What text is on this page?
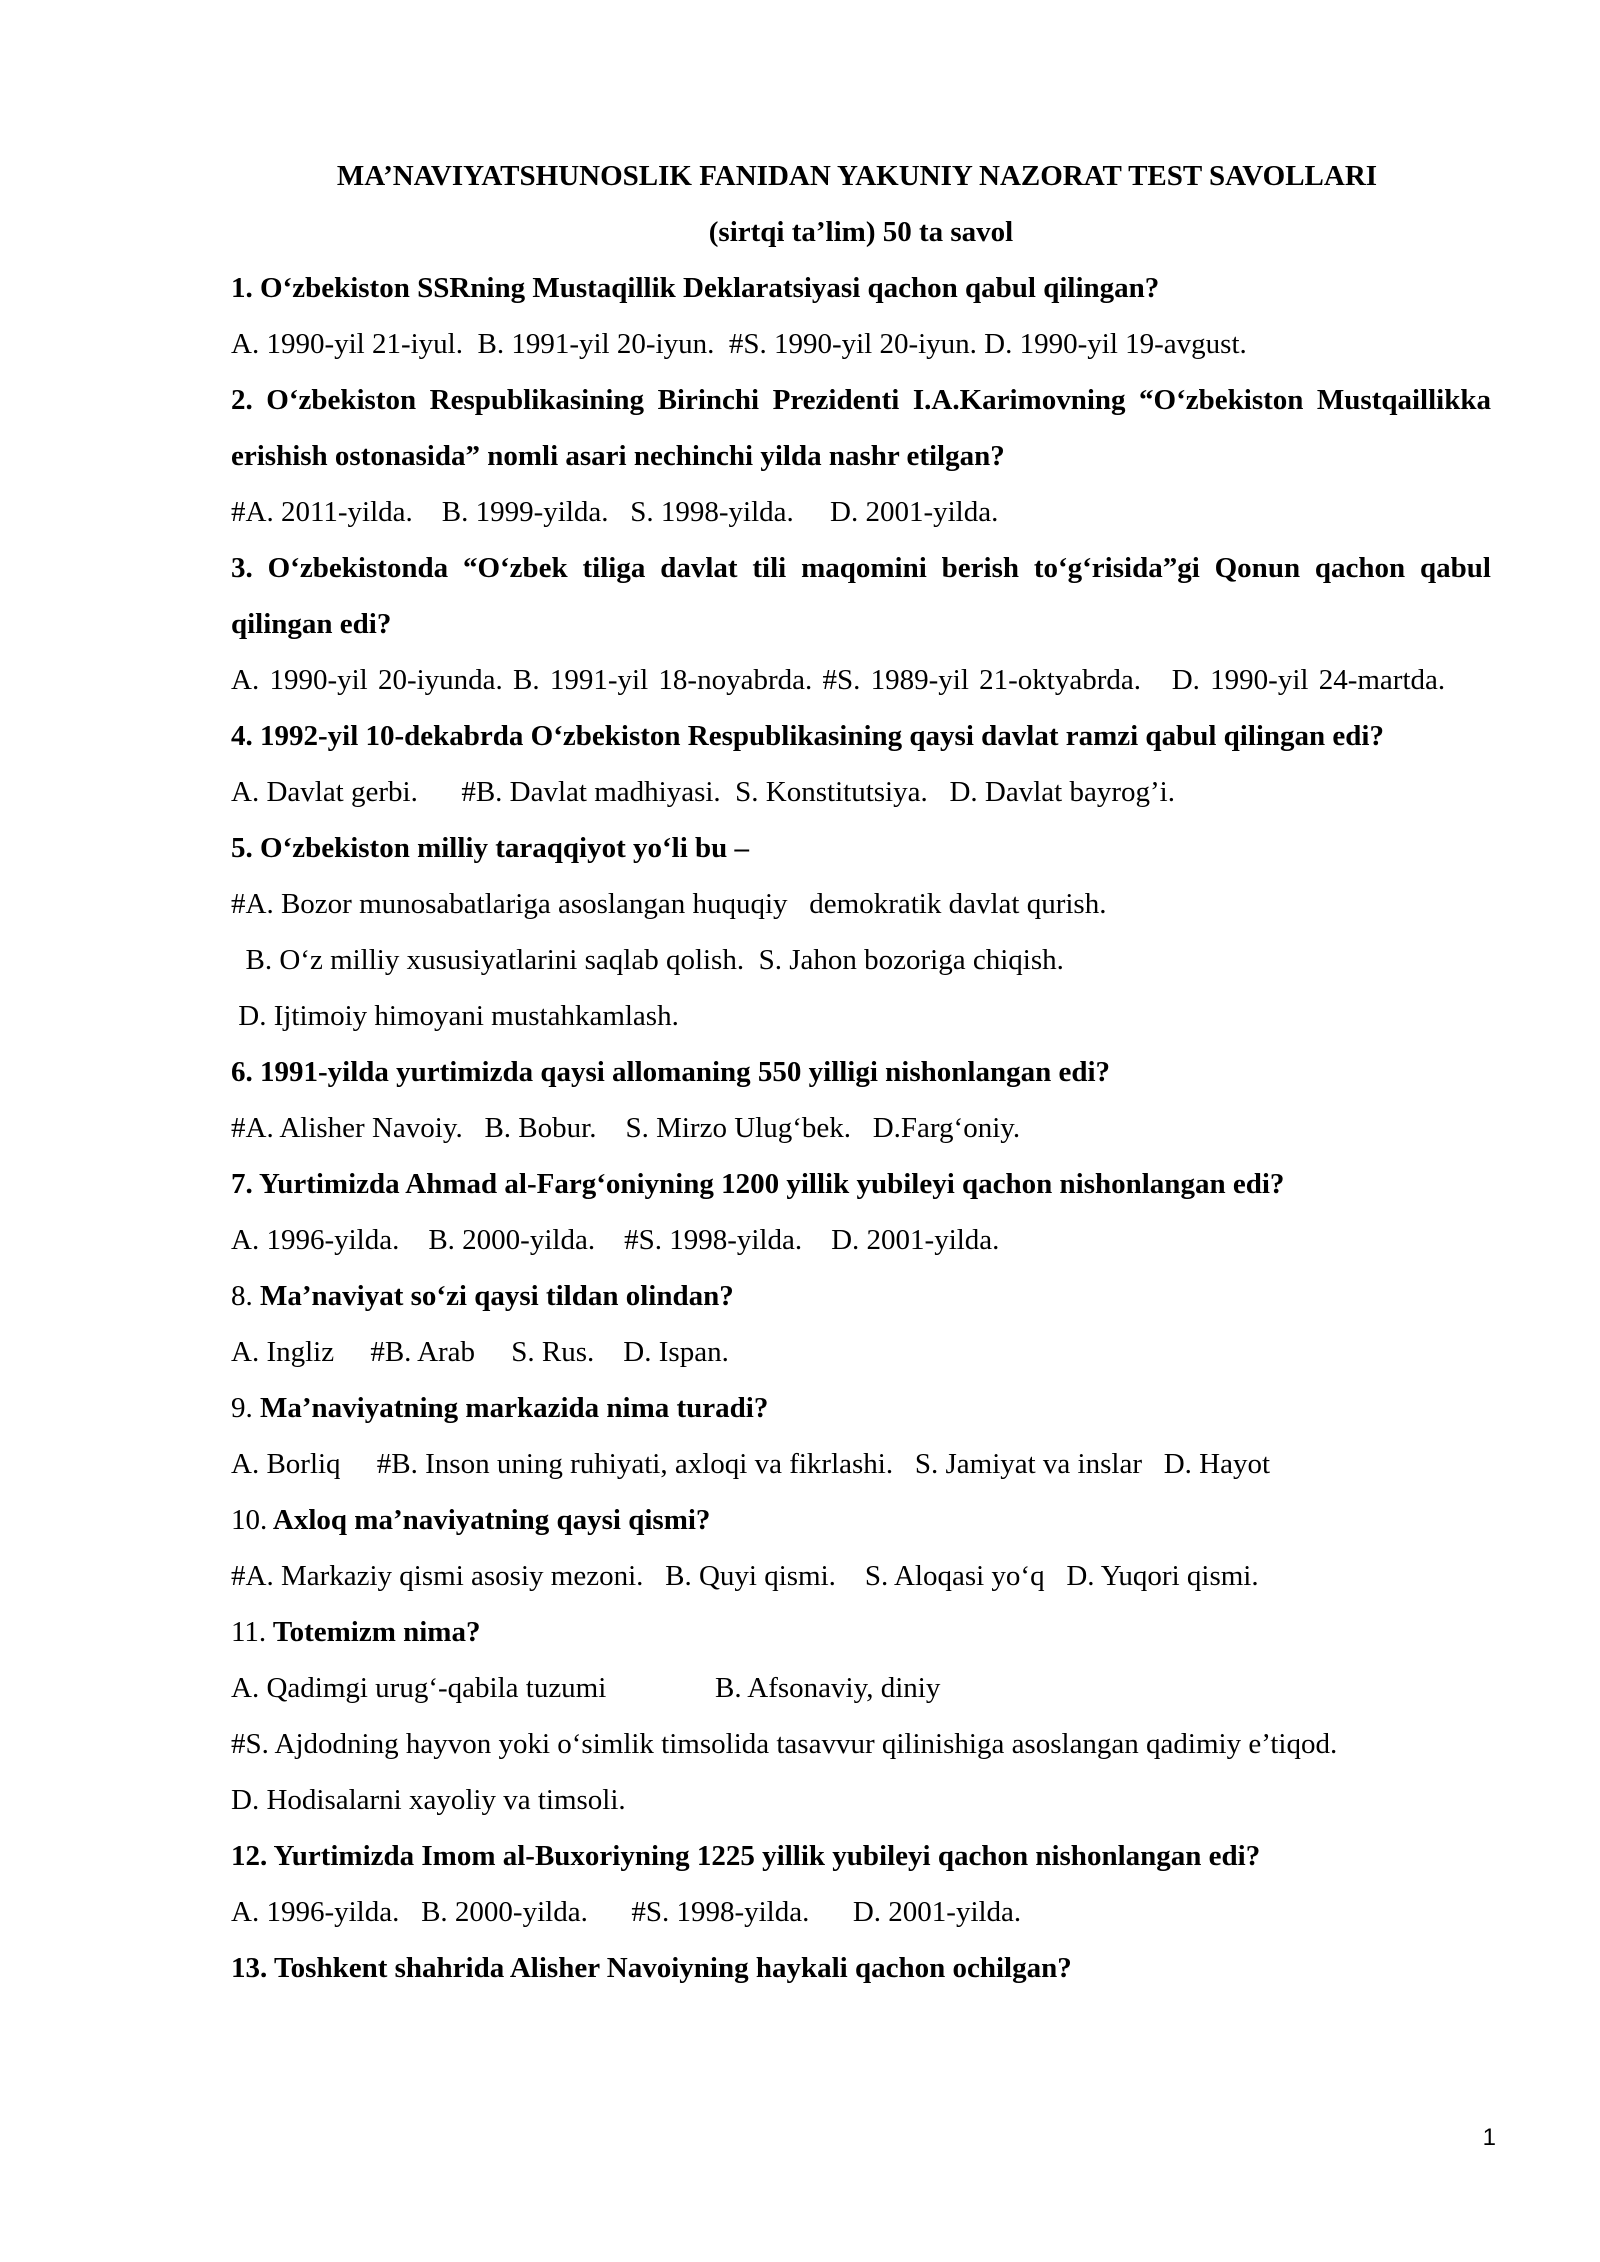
MA’NAVIYATSHUNOSLIK FANIDAN YAKUNIY NAZORAT TEST SAVOLLARI

(sirtqi ta’lim) 50 ta savol

1. O‘zbekiston SSRning Mustaqillik Deklaratsiyasi qachon qabul qilingan?

A. 1990-yil 21-iyul.  B. 1991-yil 20-iyun.  #S. 1990-yil 20-iyun. D. 1990-yil 19-avgust.

2. O‘zbekiston Respublikasining Birinchi Prezidenti I.A.Karimovning “O‘zbekiston Mustqaillikka erishish ostonasida” nomli asari nechinchi yilda nashr etilgan?

#A. 2011-yilda.    B. 1999-yilda.   S. 1998-yilda.     D. 2001-yilda.

3. O‘zbekistonda “O‘zbek tiliga davlat tili maqomini berish to‘g‘risida”gi Qonun qachon qabul qilingan edi?

A. 1990-yil 20-iyunda. B. 1991-yil 18-noyabrda. #S. 1989-yil 21-oktyabrda.   D. 1990-yil 24-martda.

4. 1992-yil 10-dekabrda O‘zbekiston Respublikasining qaysi davlat ramzi qabul qilingan edi?

A. Davlat gerbi.      #B. Davlat madhiyasi.  S. Konstitutsiya.   D. Davlat bayrog’i.

5. O‘zbekiston milliy taraqqiyot yo‘li bu –

#A. Bozor munosabatlariga asoslangan huquqiy   demokratik davlat qurish.

B. O‘z milliy xususiyatlarini saqlab qolish.  S. Jahon bozoriga chiqish.

D. Ijtimoiy himoyani mustahkamlash.

6. 1991-yilda yurtimizda qaysi allomaning 550 yilligi nishonlangan edi?

#A. Alisher Navoiy.   B. Bobur.    S. Mirzo Ulug‘bek.   D.Farg‘oniy.

7. Yurtimizda Ahmad al-Farg‘oniyning 1200 yillik yubileyi qachon nishonlangan edi?

A. 1996-yilda.    B. 2000-yilda.    #S. 1998-yilda.    D. 2001-yilda.

8. Ma’naviyat so‘zi qaysi tildan olindan?

A. Ingliz     #B. Arab     S. Rus.    D. Ispan.

9. Ma’naviyatning markazida nima turadi?

A. Borliq     #B. Inson uning ruhiyati, axloqi va fikrlashi.   S. Jamiyat va inslar   D. Hayot

10. Axloq ma’naviyatning qaysi qismi?

#A. Markaziy qismi asosiy mezoni.   B. Quyi qismi.    S. Aloqasi yo‘q   D. Yuqori qismi.

11. Totemizm nima?

A. Qadimgi urug‘-qabila tuzumi               B. Afsonaviy, diniy

#S. Ajdodning hayvon yoki o‘simlik timsolida tasavvur qilinishiga asoslangan qadimiy e’tiqod.

D. Hodisalarni xayoliy va timsoli.

12. Yurtimizda Imom al-Buxoriyning 1225 yillik yubileyi qachon nishonlangan edi?

A. 1996-yilda.   B. 2000-yilda.      #S. 1998-yilda.      D. 2001-yilda.

13. Toshkent shahrida Alisher Navoiyning haykali qachon ochilgan?

1
